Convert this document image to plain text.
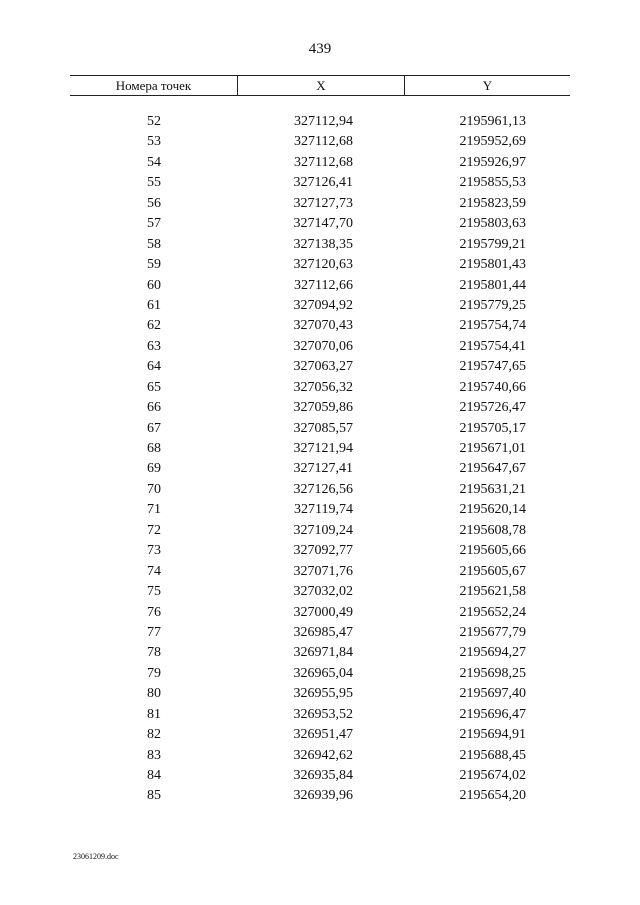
439
Номера точек	X	Y
52	327112,94	2195961,13
53	327112,68	2195952,69
54	327112,68	2195926,97
55	327126,41	2195855,53
56	327127,73	2195823,59
57	327147,70	2195803,63
58	327138,35	2195799,21
59	327120,63	2195801,43
60	327112,66	2195801,44
61	327094,92	2195779,25
62	327070,43	2195754,74
63	327070,06	2195754,41
64	327063,27	2195747,65
65	327056,32	2195740,66
66	327059,86	2195726,47
67	327085,57	2195705,17
68	327121,94	2195671,01
69	327127,41	2195647,67
70	327126,56	2195631,21
71	327119,74	2195620,14
72	327109,24	2195608,78
73	327092,77	2195605,66
74	327071,76	2195605,67
75	327032,02	2195621,58
76	327000,49	2195652,24
77	326985,47	2195677,79
78	326971,84	2195694,27
79	326965,04	2195698,25
80	326955,95	2195697,40
81	326953,52	2195696,47
82	326951,47	2195694,91
83	326942,62	2195688,45
84	326935,84	2195674,02
85	326939,96	2195654,20
23061209.doc
